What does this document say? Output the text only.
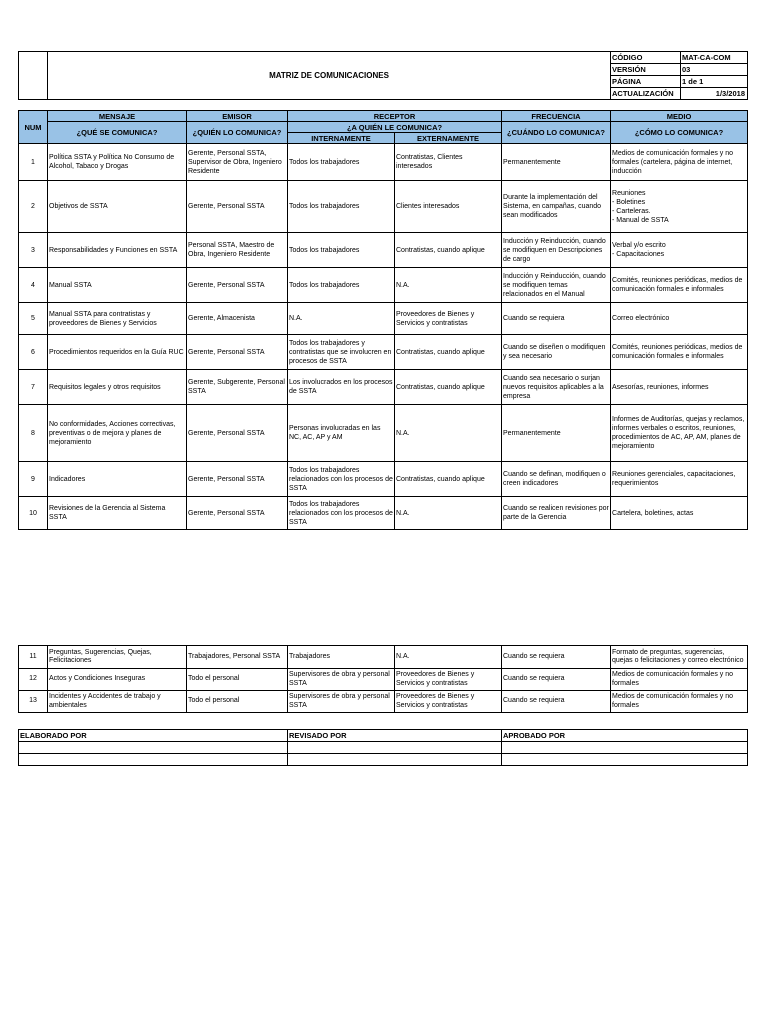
	MATRIZ DE COMUNICACIONES	CÓDIGO	MAT-CA-COM
		VERSIÓN	03
		PÁGINA	1 de 1
		ACTUALIZACIÓN	1/3/2018
NUM	MENSAJE	EMISOR	RECEPTOR		FRECUENCIA	MEDIO
	¿QUÉ SE COMUNICA?	¿QUIÉN LO COMUNICA?	¿A QUIÉN LE COMUNICA?		¿CUÁNDO LO COMUNICA?	¿CÓMO LO COMUNICA?
			INTERNAMENTE	EXTERNAMENTE		
1	Política SSTA y Política No Consumo de Alcohol, Tabaco y Drogas	Gerente, Personal SSTA, Supervisor de Obra, Ingeniero Residente	Todos los trabajadores	Contratistas, Clientes interesados	Permanentemente	Medios de comunicación formales y no formales (cartelera, página de internet, inducción
2	Objetivos de SSTA	Gerente, Personal SSTA	Todos los trabajadores	Clientes interesados	Durante la implementación del Sistema, en campañas, cuando sean modificados	Reuniones
- Boletines
- Carteleras.
- Manual de SSTA
3	Responsabilidades y Funciones en SSTA	Personal SSTA, Maestro de Obra, Ingeniero Residente	Todos los trabajadores	Contratistas, cuando aplique	Inducción y Reinducción, cuando se modifiquen en Descripciones de cargo	Verbal y/o escrito
- Capacitaciones
4	Manual SSTA	Gerente, Personal SSTA	Todos los trabajadores	N.A.	Inducción y Reinducción, cuando se modifiquen temas relacionados en el Manual	Comités, reuniones periódicas, medios de comunicación formales e informales
5	Manual SSTA para contratistas y proveedores de Bienes y Servicios	Gerente, Almacenista	N.A.	Proveedores de Bienes y Servicios y contratistas	Cuando se requiera	Correo electrónico
6	Procedimientos requeridos en la Guía RUC	Gerente, Personal SSTA	Todos los trabajadores y contratistas que se involucren en procesos de SSTA	Contratistas, cuando aplique	Cuando se diseñen o modifiquen y sea necesario	Comités, reuniones periódicas, medios de comunicación formales e informales
7	Requisitos legales y otros requisitos	Gerente, Subgerente, Personal SSTA	Los involucrados en los procesos de SSTA	Contratistas, cuando aplique	Cuando sea necesario o surjan nuevos requisitos aplicables a la empresa	Asesorías, reuniones, informes
8	No conformidades, Acciones correctivas, preventivas o de mejora y planes de mejoramiento	Gerente, Personal SSTA	Personas involucradas en las NC, AC, AP y AM	N.A.	Permanentemente	Informes de Auditorías, quejas y reclamos, informes verbales o escritos, reuniones, procedimientos de AC, AP, AM, planes de mejoramiento
9	Indicadores	Gerente, Personal SSTA	Todos los trabajadores relacionados con los procesos de SSTA	Contratistas, cuando aplique	Cuando se definan, modifiquen o creen indicadores	Reuniones gerenciales, capacitaciones, requerimientos
10	Revisiones de la Gerencia al Sistema SSTA	Gerente, Personal SSTA	Todos los trabajadores relacionados con los procesos de SSTA	N.A.	Cuando se realicen revisiones por parte de la Gerencia	Cartelera, boletines, actas
11	Preguntas, Sugerencias, Quejas, Felicitaciones	Trabajadores, Personal SSTA	Trabajadores	N.A.	Cuando se requiera	Formato de preguntas, sugerencias, quejas o felicitaciones y correo electrónico
12	Actos y Condiciones Inseguras	Todo el personal	Supervisores de obra y personal SSTA	Proveedores de Bienes y Servicios y contratistas	Cuando se requiera	Medios de comunicación formales y no formales
13	Incidentes y Accidentes de trabajo y ambientales	Todo el personal	Supervisores de obra y personal SSTA	Proveedores de Bienes y Servicios y contratistas	Cuando se requiera	Medios de comunicación formales y no formales
ELABORADO POR	REVISADO POR	APROBADO POR
